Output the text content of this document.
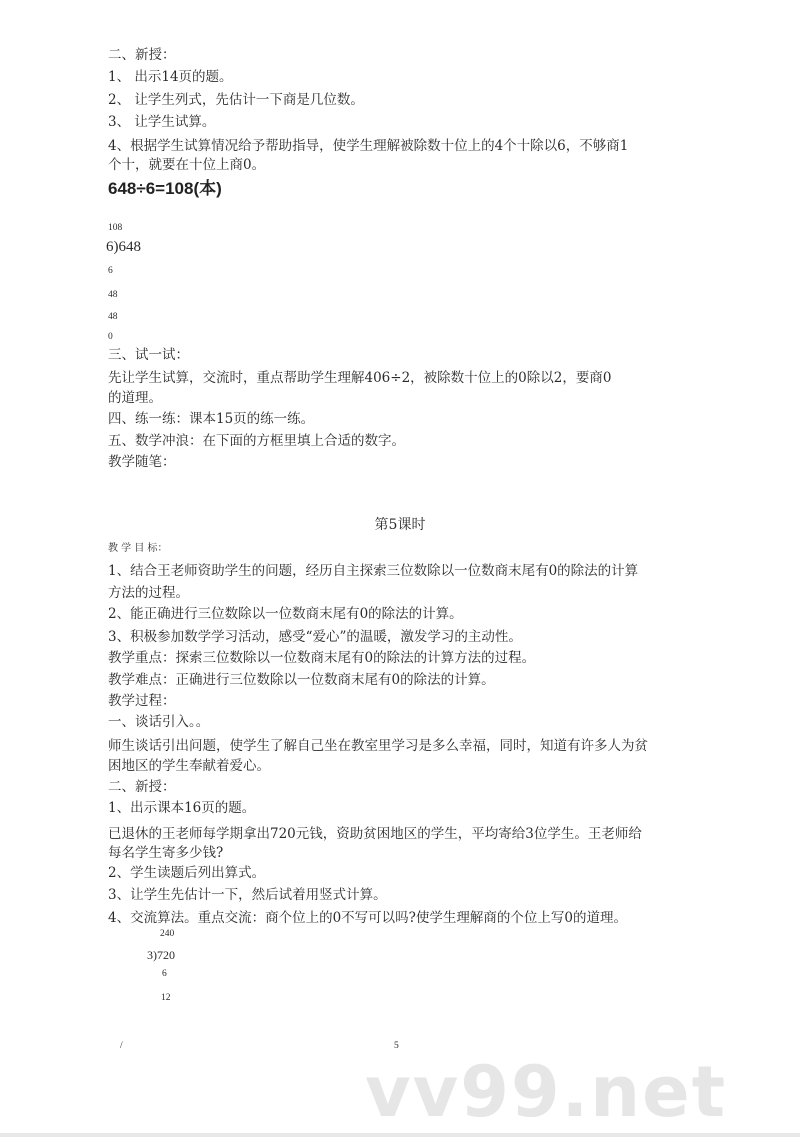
二、新授：
1、 出示14页的题。
2、 让学生列式，先估计一下商是几位数。
3、 让学生试算。
4、根据学生试算情况给予帮助指导，使学生理解被除数十位上的4个十除以6，不够商1
个十，就要在十位上商0。
648÷6=108(本)
108
6)648
6
48
48
0
三、试一试：
先让学生试算，交流时，重点帮助学生理解406÷2，被除数十位上的0除以2，要商0
的道理。
四、练一练：课本15页的练一练。
五、数学冲浪：在下面的方框里填上合适的数字。
教学随笔：
第5课时
教 学 目 标：
1、结合王老师资助学生的问题，经历自主探索三位数除以一位数商末尾有0的除法的计算
方法的过程。
2、能正确进行三位数除以一位数商末尾有0的除法的计算。
3、积极参加数学学习活动，感受“爱心”的温暖，激发学习的主动性。
教学重点：探索三位数除以一位数商末尾有0的除法的计算方法的过程。
教学难点：正确进行三位数除以一位数商末尾有0的除法的计算。
教学过程：
一、谈话引入。。
师生谈话引出问题，使学生了解自己坐在教室里学习是多么幸福，同时，知道有许多人为贫
困地区的学生奉献着爱心。
二、新授：
1、出示课本16页的题。
已退休的王老师每学期拿出720元钱，资助贫困地区的学生，平均寄给3位学生。王老师给
每名学生寄多少钱?
2、学生读题后列出算式。
3、让学生先估计一下，然后试着用竖式计算。
4、交流算法。重点交流：商个位上的0不写可以吗?使学生理解商的个位上写0的道理。
240
3)720
6
12
/	5
vv99.net
